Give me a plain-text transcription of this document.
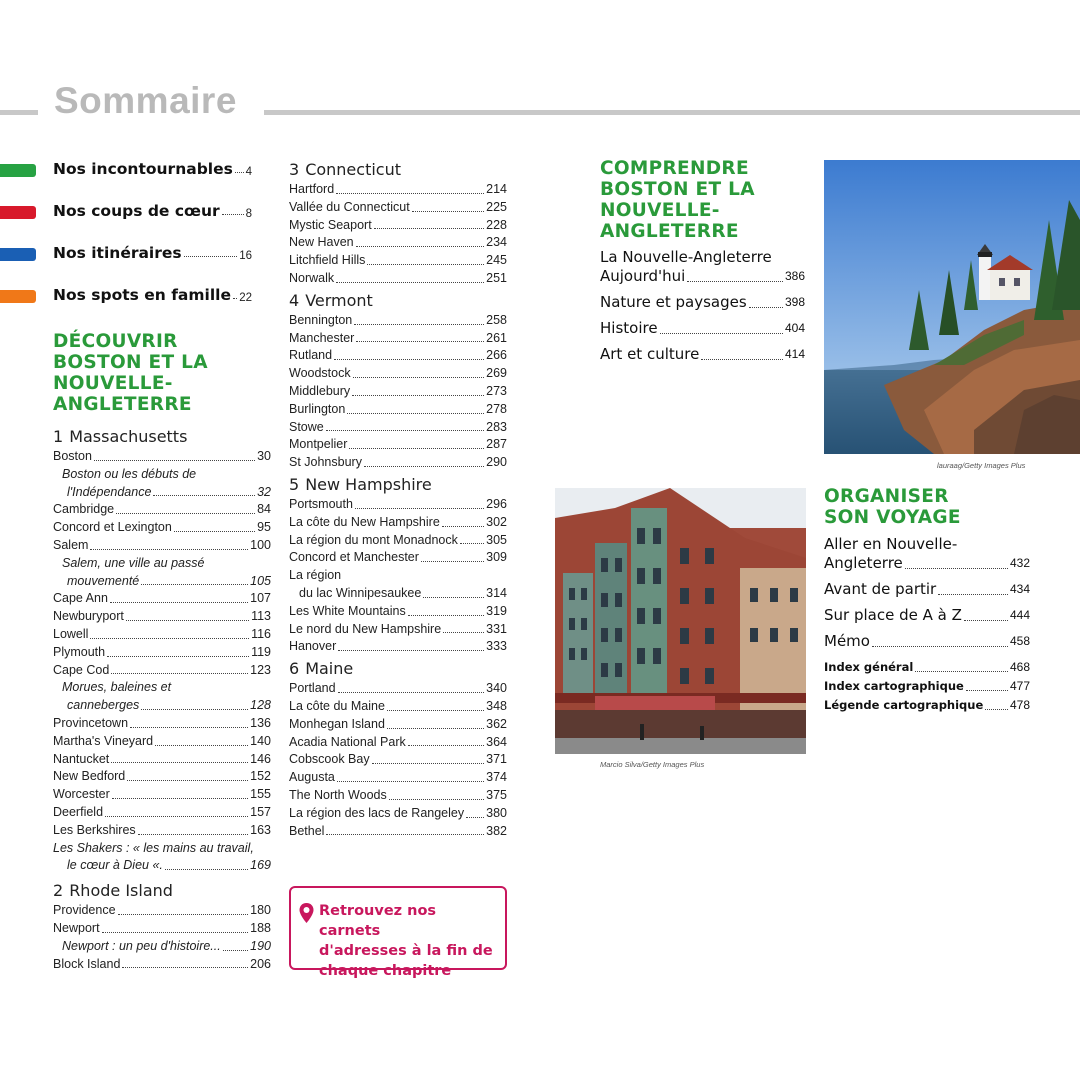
Sommaire
Nos incontournables 4
Nos coups de cœur 8
Nos itinéraires	16
Nos spots en famille 22
DÉCOUVRIR
BOSTON ET LA
NOUVELLE-
ANGLETERRE
1 Massachusetts
Boston	30
Boston ou les débuts de
l'Indépendance	32
Cambridge	84
Concord et Lexington	95
Salem	100
Salem, une ville au passé
mouvementé	105
Cape Ann	107
Newburyport	113
Lowell	116
Plymouth	119
Cape Cod	123
Morues, baleines et
canneberges	128
Provincetown	136
Martha's Vineyard	140
Nantucket	146
New Bedford	152
Worcester	155
Deerfield	157
Les Berkshires	163
Les Shakers : « les mains au travail,
le cœur à Dieu «.	169
2 Rhode Island
Providence	180
Newport	188
Newport : un peu d'histoire... 190
Block Island	206
3 Connecticut
Hartford	214
Vallée du Connecticut	225
Mystic Seaport	228
New Haven	234
Litchfield Hills	245
Norwalk	251
4 Vermont
Bennington	258
Manchester	261
Rutland	266
Woodstock	269
Middlebury	273
Burlington	278
Stowe	283
Montpelier	287
St Johnsbury	290
5 New Hampshire
Portsmouth	296
La côte du New Hampshire	302
La région du mont Monadnock 305
Concord et Manchester	309
La région
du lac Winnipesaukee	314
Les White Mountains	319
Le nord du New Hampshire	331
Hanover	333
6 Maine
Portland	340
La côte du Maine	348
Monhegan Island	362
Acadia National Park	364
Cobscook Bay	371
Augusta	374
The North Woods	375
La région des lacs de Rangeley 380
Bethel	382
Retrouvez nos carnets
d'adresses à la fin de
chaque chapitre
COMPRENDRE
BOSTON ET LA
NOUVELLE-
ANGLETERRE
La Nouvelle-Angleterre
Aujourd'hui	386
Nature et paysages	398
Histoire	404
Art et culture	414
lauraag/Getty Images Plus
Marcio Silva/Getty Images Plus
ORGANISER
SON VOYAGE
Aller en Nouvelle-
Angleterre	432
Avant de partir	434
Sur place de A à Z	444
Mémo	458
Index général	468
Index cartographique	477
Légende cartographique 478
